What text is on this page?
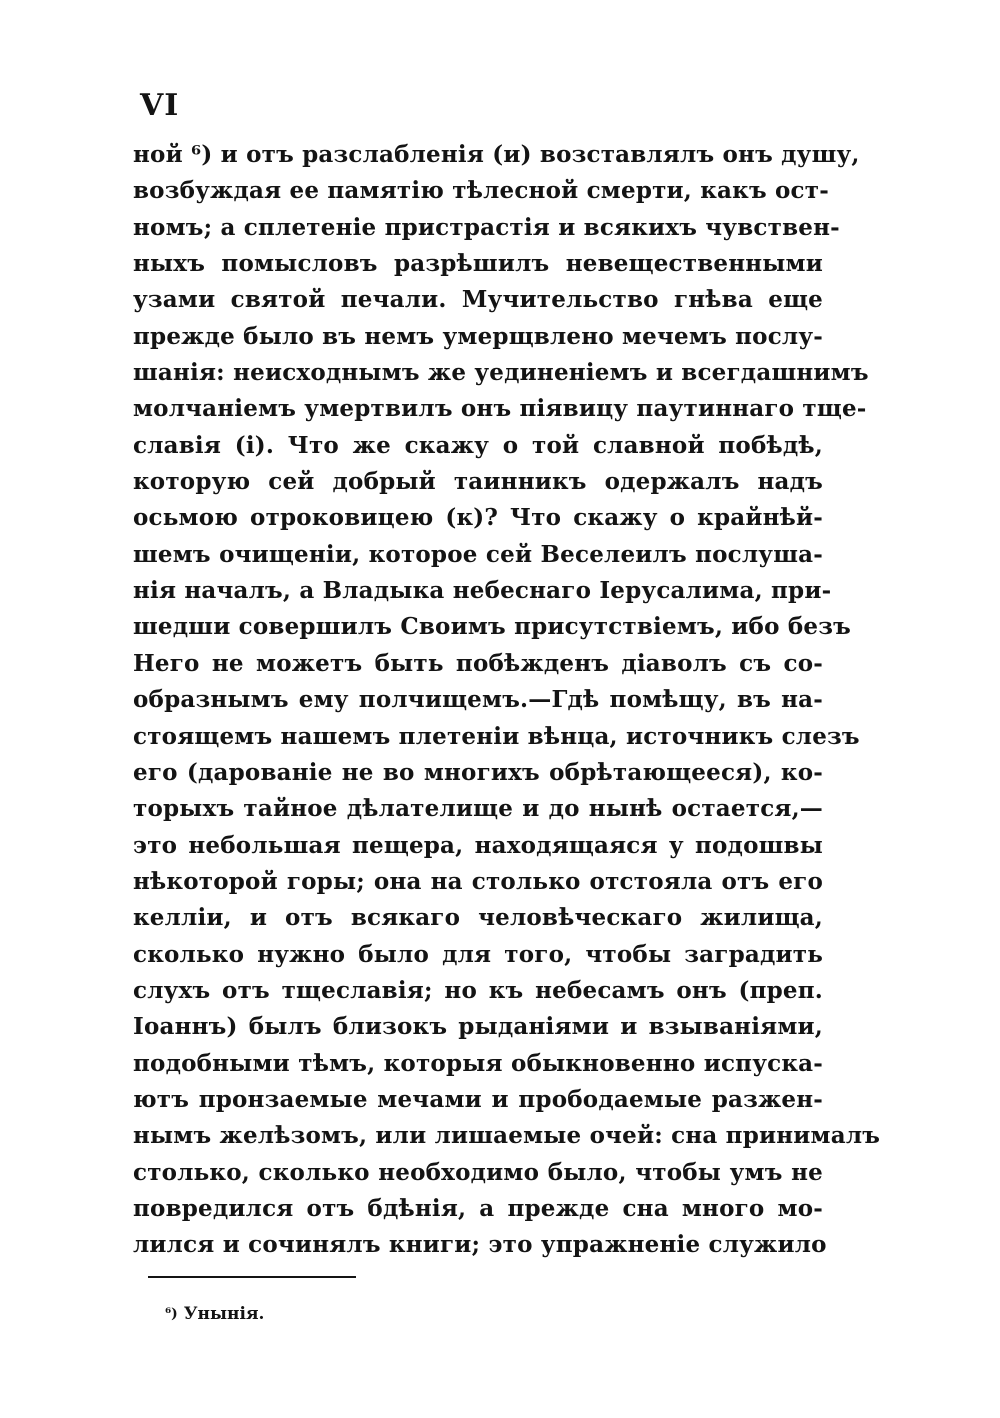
VI
ной ⁶) и отъ разслабленія (и) возставлялъ онъ душу,
возбуждая ее памятію тѣлесной смерти, какъ ост-
номъ; а сплетеніе пристрастія и всякихъ чувствен-
ныхъ помысловъ разрѣшилъ невещественными
узами святой печали. Мучительство гнѣва еще
прежде было въ немъ умерщвлено мечемъ послу-
шанія: неисходнымъ же уединеніемъ и всегдашнимъ
молчаніемъ умертвилъ онъ піявицу паутиннаго тще-
славія (і). Что же скажу о той славной побѣдѣ,
которую сей добрый таинникъ одержалъ надъ
осьмою отроковицею (к)? Что скажу о крайнѣй-
шемъ очищеніи, которое сей Веселеилъ послуша-
нія началъ, а Владыка небеснаго Іерусалима, при-
шедши совершилъ Своимъ присутствіемъ, ибо безъ
Него не можетъ быть побѣжденъ діаволъ съ со-
образнымъ ему полчищемъ.—Гдѣ помѣщу, въ на-
стоящемъ нашемъ плетеніи вѣнца, источникъ слезъ
его (дарованіе не во многихъ обрѣтающееся), ко-
торыхъ тайное дѣлателище и до нынѣ остается,—
это небольшая пещера, находящаяся у подошвы
нѣкоторой горы; она на столько отстояла отъ его
келліи, и отъ всякаго человѣческаго жилища,
сколько нужно было для того, чтобы заградить
слухъ отъ тщеславія; но къ небесамъ онъ (преп.
Іоаннъ) былъ близокъ рыданіями и взываніями,
подобными тѣмъ, которыя обыкновенно испуска-
ютъ пронзаемые мечами и прободаемые разжен-
нымъ желѣзомъ, или лишаемые очей: сна принималъ
столько, сколько необходимо было, чтобы умъ не
повредился отъ бдѣнія, а прежде сна много мо-
лился и сочинялъ книги; это упражненіе служило
⁶) Унынія.
